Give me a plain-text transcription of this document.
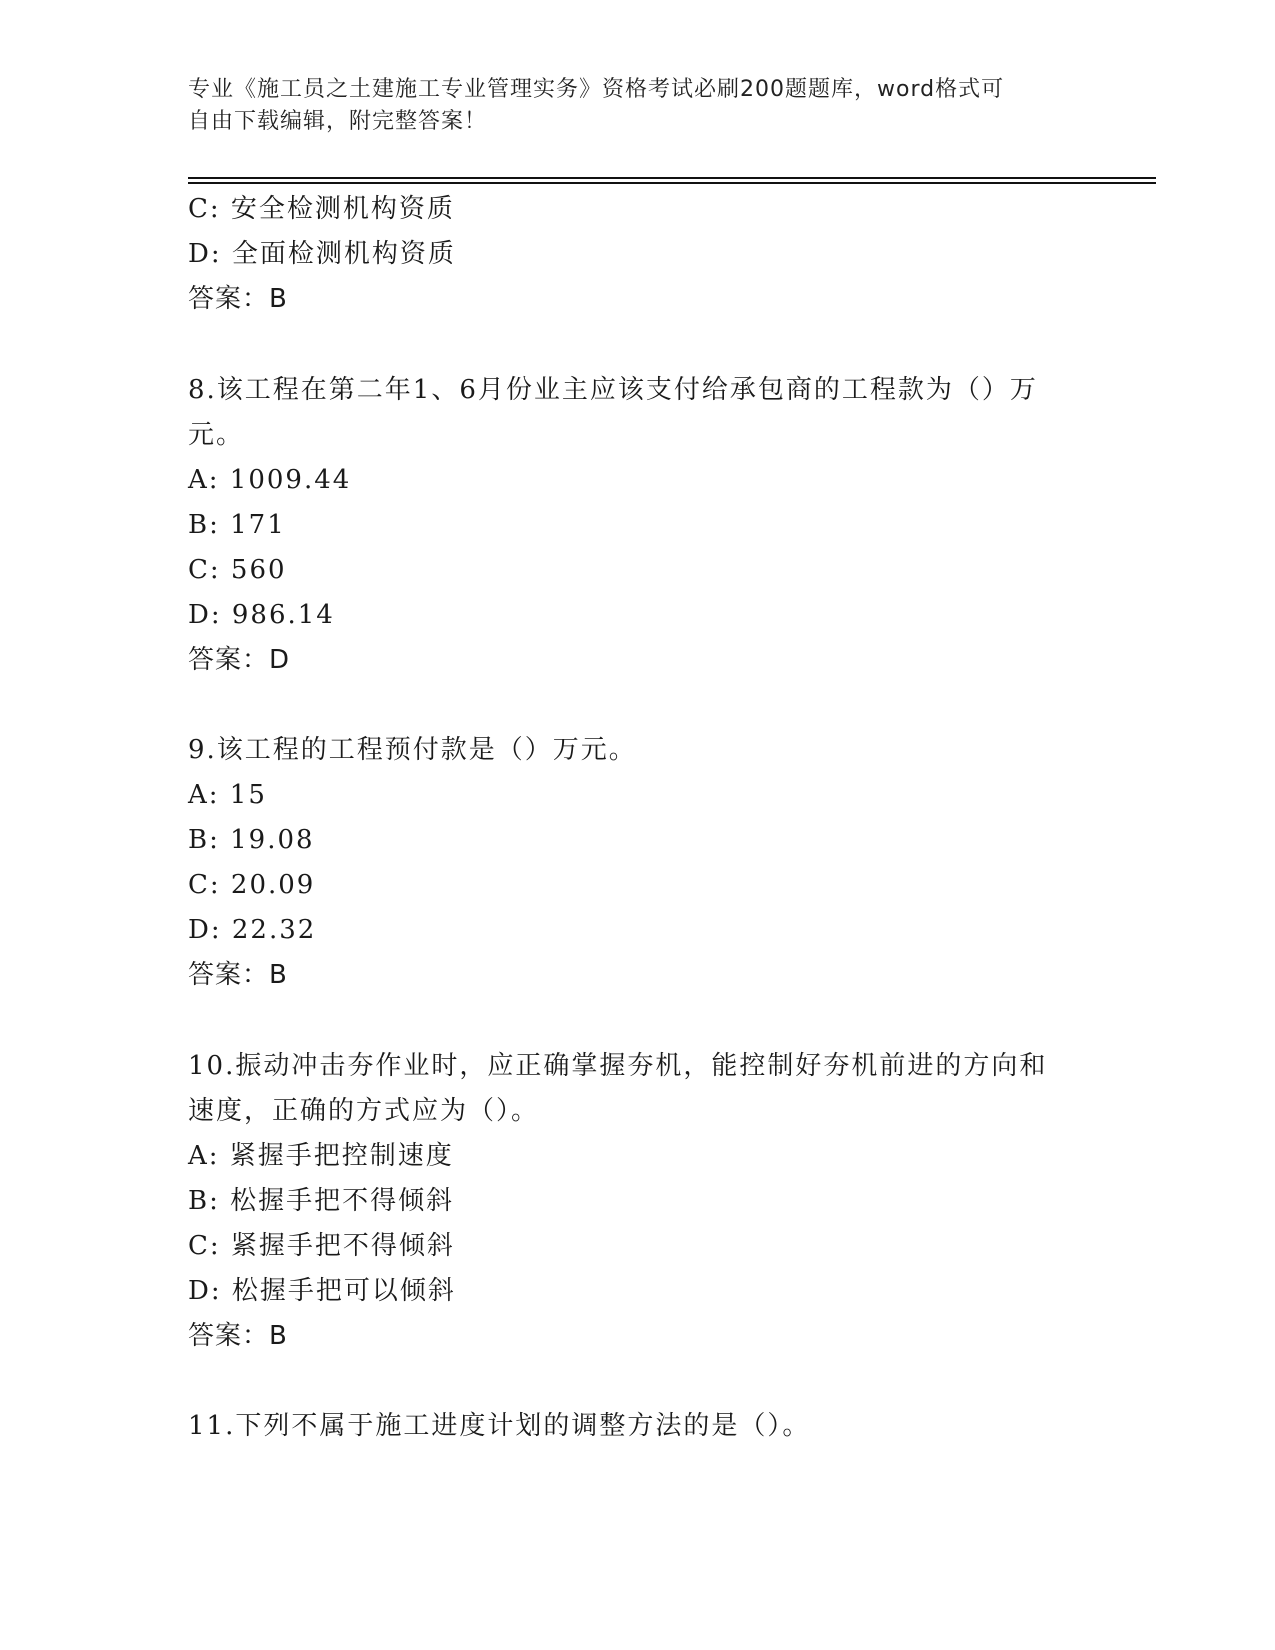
专业《施工员之土建施工专业管理实务》资格考试必刷200题题库，word格式可
自由下载编辑，附完整答案！
C: 安全检测机构资质
D: 全面检测机构资质
答案：B
8.该工程在第二年1、6月份业主应该支付给承包商的工程款为（）万
元。
A: 1009.44
B: 171
C: 560
D: 986.14
答案：D
9.该工程的工程预付款是（）万元。
A: 15
B: 19.08
C: 20.09
D: 22.32
答案：B
10.振动冲击夯作业时，应正确掌握夯机，能控制好夯机前进的方向和
速度，正确的方式应为（）。
A: 紧握手把控制速度
B: 松握手把不得倾斜
C: 紧握手把不得倾斜
D: 松握手把可以倾斜
答案：B
11.下列不属于施工进度计划的调整方法的是（）。
